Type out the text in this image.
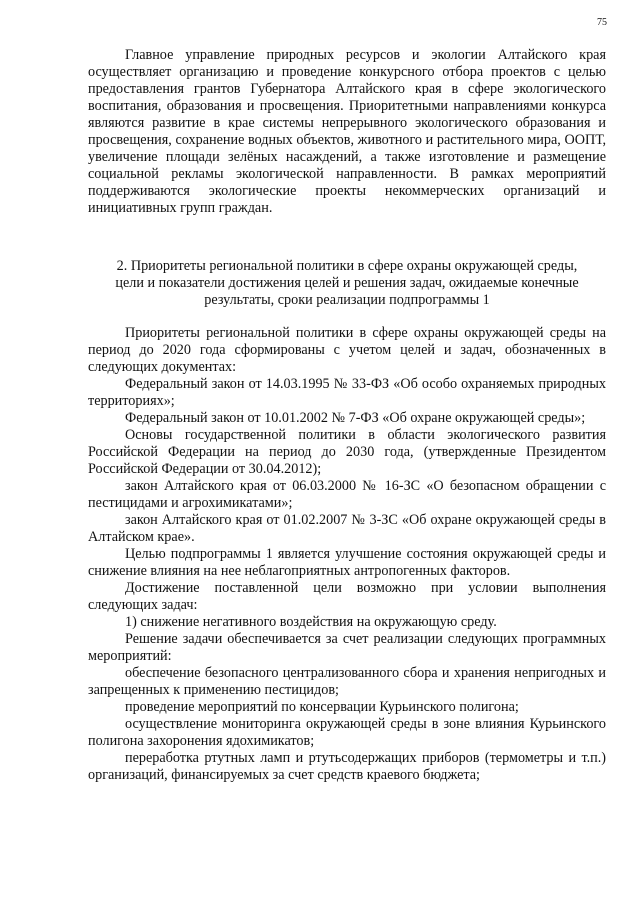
75

Главное управление природных ресурсов и экологии Алтайского края осуществляет организацию и проведение конкурсного отбора проектов с целью предоставления грантов Губернатора Алтайского края в сфере экологического воспитания, образования и просвещения. Приоритетными направлениями конкурса являются развитие в крае системы непрерывного экологического образования и просвещения, сохранение водных объектов, животного и растительного мира, ООПТ, увеличение площади зелёных насаждений, а также изготовление и размещение социальной рекламы экологической направленности. В рамках мероприятий поддерживаются экологические проекты некоммерческих организаций и инициативных групп граждан.

2. Приоритеты региональной политики в сфере охраны окружающей среды,
цели и показатели достижения целей и решения задач, ожидаемые конечные
результаты, сроки реализации подпрограммы 1

Приоритеты региональной политики в сфере охраны окружающей среды на период до 2020 года сформированы с учетом целей и задач, обозначенных в следующих документах:

Федеральный закон от 14.03.1995 № 33-ФЗ «Об особо охраняемых природных территориях»;

Федеральный закон от 10.01.2002 № 7-ФЗ «Об охране окружающей среды»;

Основы государственной политики в области экологического развития Российской Федерации на период до 2030 года, (утвержденные Президентом Российской Федерации от 30.04.2012);

закон Алтайского края от 06.03.2000 № 16-ЗС «О безопасном обращении с пестицидами и агрохимикатами»;

закон Алтайского края от 01.02.2007 № 3-ЗС «Об охране окружающей среды в Алтайском крае».

Целью подпрограммы 1 является улучшение состояния окружающей среды и снижение влияния на нее неблагоприятных антропогенных факторов.

Достижение поставленной цели возможно при условии выполнения следующих задач:

1) снижение негативного воздействия на окружающую среду.

Решение задачи обеспечивается за счет реализации следующих программных мероприятий:

обеспечение безопасного централизованного сбора и хранения непригодных и запрещенных к применению пестицидов;

проведение мероприятий по консервации Курьинского полигона;

осуществление мониторинга окружающей среды в зоне влияния Курьинского полигона захоронения ядохимикатов;

переработка ртутных ламп и ртутьсодержащих приборов (термометры и т.п.) организаций, финансируемых за счет средств краевого бюджета;
